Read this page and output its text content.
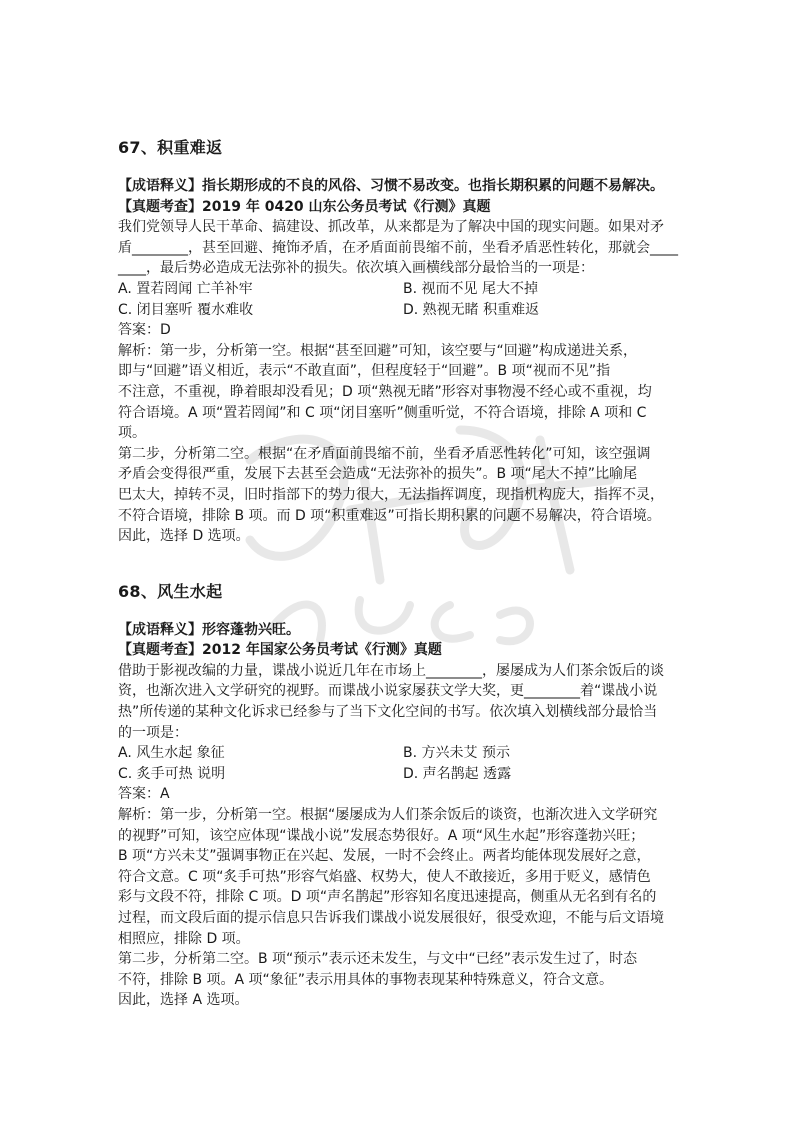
67、积重难返

【成语释义】指长期形成的不良的风俗、习惯不易改变。也指长期积累的问题不易解决。

【真题考查】2019 年 0420 山东公务员考试《行测》真题

我们党领导人民干革命、搞建设、抓改革，从来都是为了解决中国的现实问题。如果对矛

盾________，甚至回避、掩饰矛盾，在矛盾面前畏缩不前，坐看矛盾恶性转化，那就会____

____，最后势必造成无法弥补的损失。依次填入画横线部分最恰当的一项是：

A. 置若罔闻 亡羊补牢	B. 视而不见 尾大不掉
C. 闭目塞听 覆水难收	D. 熟视无睹 积重难返

答案：D

解析：第一步，分析第一空。根据“甚至回避”可知，该空要与“回避”构成递进关系，

即与“回避”语义相近，表示“不敢直面”，但程度轻于“回避”。B 项“视而不见”指

不注意，不重视，睁着眼却没看见；D 项“熟视无睹”形容对事物漫不经心或不重视，均

符合语境。A 项“置若罔闻”和 C 项“闭目塞听”侧重听觉，不符合语境，排除 A 项和 C

项。

第二步，分析第二空。根据“在矛盾面前畏缩不前，坐看矛盾恶性转化”可知，该空强调

矛盾会变得很严重，发展下去甚至会造成“无法弥补的损失”。B 项“尾大不掉”比喻尾

巴太大，掉转不灵，旧时指部下的势力很大，无法指挥调度，现指机构庞大，指挥不灵，

不符合语境，排除 B 项。而 D 项“积重难返”可指长期积累的问题不易解决，符合语境。

因此，选择 D 选项。

68、风生水起

【成语释义】形容蓬勃兴旺。

【真题考查】2012 年国家公务员考试《行测》真题

借助于影视改编的力量，谍战小说近几年在市场上________，屡屡成为人们茶余饭后的谈

资，也渐次进入文学研究的视野。而谍战小说家屡获文学大奖，更________着“谍战小说

热”所传递的某种文化诉求已经参与了当下文化空间的书写。依次填入划横线部分最恰当

的一项是：

A. 风生水起 象征	B. 方兴未艾 预示
C. 炙手可热 说明	D. 声名鹊起 透露

答案：A

解析：第一步，分析第一空。根据“屡屡成为人们茶余饭后的谈资，也渐次进入文学研究

的视野”可知，该空应体现“谍战小说”发展态势很好。A 项“风生水起”形容蓬勃兴旺；

B 项“方兴未艾”强调事物正在兴起、发展，一时不会终止。两者均能体现发展好之意，

符合文意。C 项“炙手可热”形容气焰盛、权势大，使人不敢接近，多用于贬义，感情色

彩与文段不符，排除 C 项。D 项“声名鹊起”形容知名度迅速提高，侧重从无名到有名的

过程，而文段后面的提示信息只告诉我们谍战小说发展很好，很受欢迎，不能与后文语境

相照应，排除 D 项。

第二步，分析第二空。B 项“预示”表示还未发生，与文中“已经”表示发生过了，时态

不符，排除 B 项。A 项“象征”表示用具体的事物表现某种特殊意义，符合文意。

因此，选择 A 选项。
